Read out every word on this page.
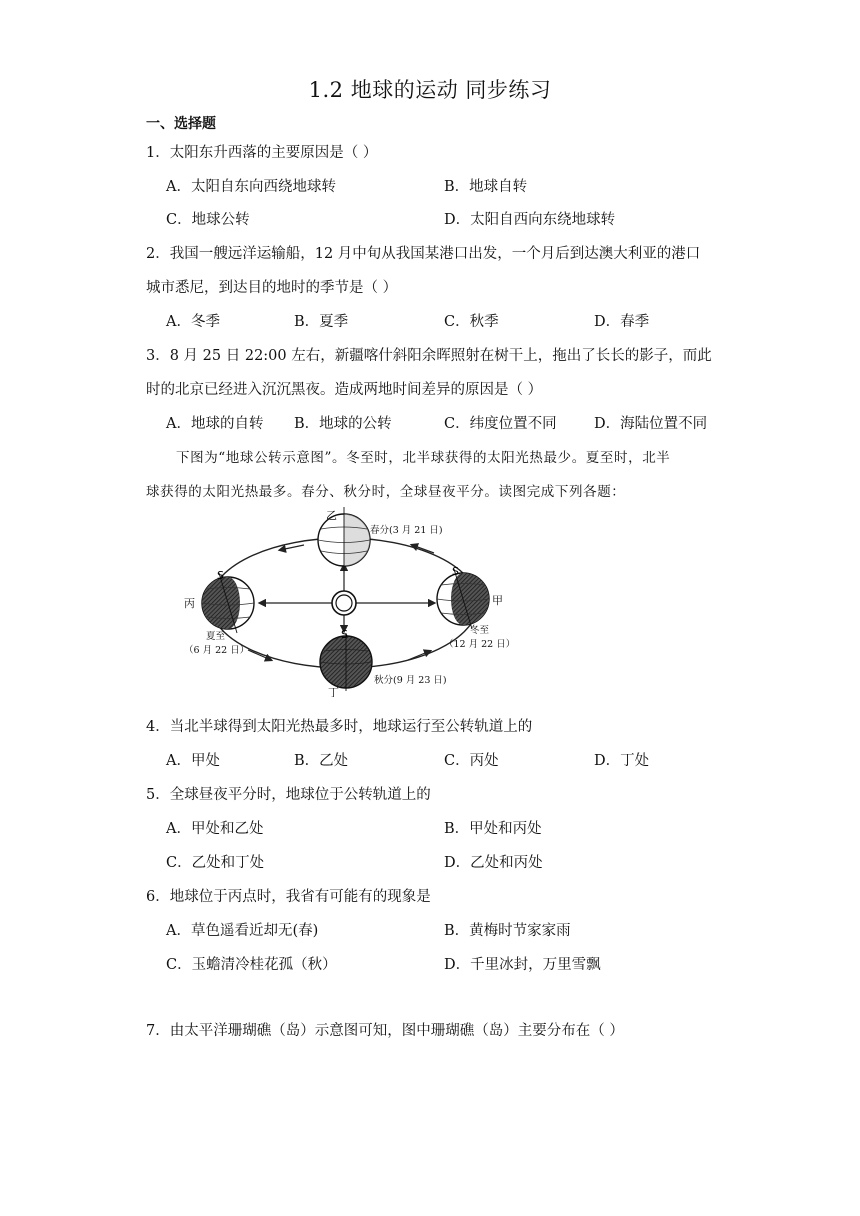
1.2 地球的运动 同步练习
一、选择题
1．太阳东升西落的主要原因是（ ）
A．太阳自东向西绕地球转	B．地球自转
C．地球公转	D．太阳自西向东绕地球转
2．我国一艘远洋运输船，12 月中旬从我国某港口出发，一个月后到达澳大利亚的港口
城市悉尼，到达目的地时的季节是（ ）
A．冬季	B．夏季	C．秋季	D．春季
3．8 月 25 日 22:00 左右，新疆喀什斜阳余晖照射在树干上，拖出了长长的影子，而此
时的北京已经进入沉沉黑夜。造成两地时间差异的原因是（ ）
A．地球的自转 B．地球的公转	C．纬度位置不同	D．海陆位置不同
下图为“地球公转示意图”。冬至时，北半球获得的太阳光热最少。夏至时，北半
球获得的太阳光热最多。春分、秋分时，全球昼夜平分。读图完成下列各题：
乙
春分(3 月 21 日)
S
丙
夏至
（6 月 22 日）
S
甲
冬至
（12 月 22 日）
S
丁
秋分(9 月 23 日)
4．当北半球得到太阳光热最多时，地球运行至公转轨道上的
A．甲处	B．乙处	C．丙处	D．丁处
5．全球昼夜平分时，地球位于公转轨道上的
A．甲处和乙处	B．甲处和丙处
C．乙处和丁处	D．乙处和丙处
6．地球位于丙点时，我省有可能有的现象是
A．草色遥看近却无(春)	B．黄梅时节家家雨
C．玉蟾清冷桂花孤（秋）	D．千里冰封，万里雪飘
7．由太平洋珊瑚礁（岛）示意图可知，图中珊瑚礁（岛）主要分布在（ ）
